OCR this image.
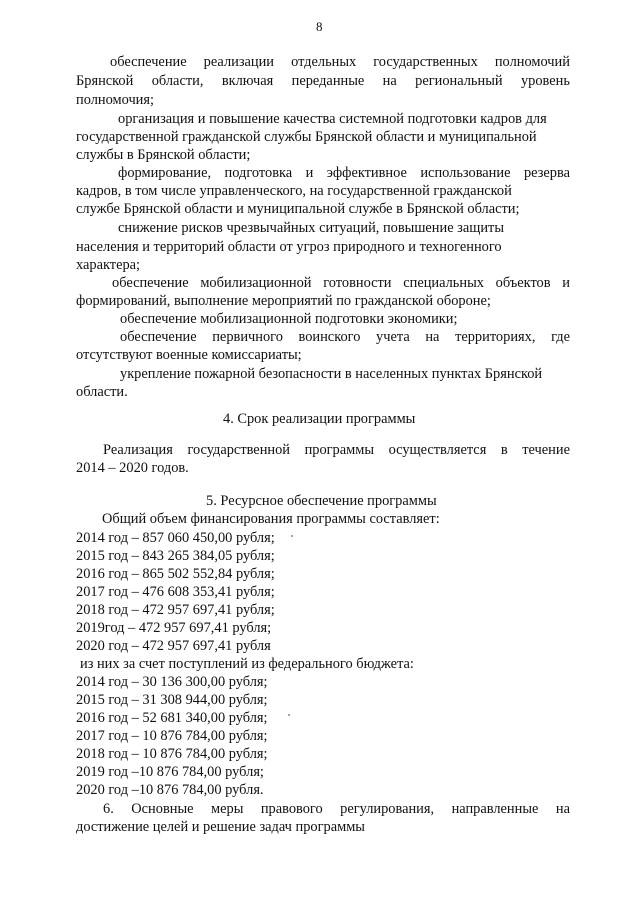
8
обеспечение реализации отдельных государственных полномочий
Брянской области, включая переданные на региональный уровень
полномочия;
организация и повышение качества системной подготовки кадров для
государственной гражданской службы Брянской области и муниципальной
службы в Брянской области;
формирование, подготовка и эффективное использование резерва
кадров, в том числе управленческого, на государственной гражданской
службе Брянской области и муниципальной службе в Брянской области;
снижение рисков чрезвычайных ситуаций, повышение защиты
населения и территорий области от угроз природного и техногенного
характера;
обеспечение мобилизационной готовности специальных объектов и
формирований, выполнение мероприятий по гражданской обороне;
обеспечение мобилизационной подготовки экономики;
обеспечение первичного воинского учета на территориях, где
отсутствуют военные комиссариаты;
укрепление пожарной безопасности в населенных пунктах Брянской
области.
4. Срок реализации программы
Реализация государственной программы осуществляется в течение
2014 – 2020 годов.
5. Ресурсное обеспечение программы
Общий объем финансирования программы составляет:
2014 год – 857 060 450,00 рубля;
2015 год – 843 265 384,05 рубля;
2016 год – 865 502 552,84 рубля;
2017 год – 476 608 353,41 рубля;
2018 год – 472 957 697,41 рубля;
2019год – 472 957 697,41 рубля;
2020 год – 472 957 697,41 рубля
из них за счет поступлений из федерального бюджета:
2014 год – 30 136 300,00 рубля;
2015 год – 31 308 944,00 рубля;
2016 год – 52 681 340,00 рубля;
2017 год – 10 876 784,00 рубля;
2018 год – 10 876 784,00 рубля;
2019 год –10 876 784,00 рубля;
2020 год –10 876 784,00 рубля.
6. Основные меры правового регулирования, направленные на
достижение целей и решение задач программы
